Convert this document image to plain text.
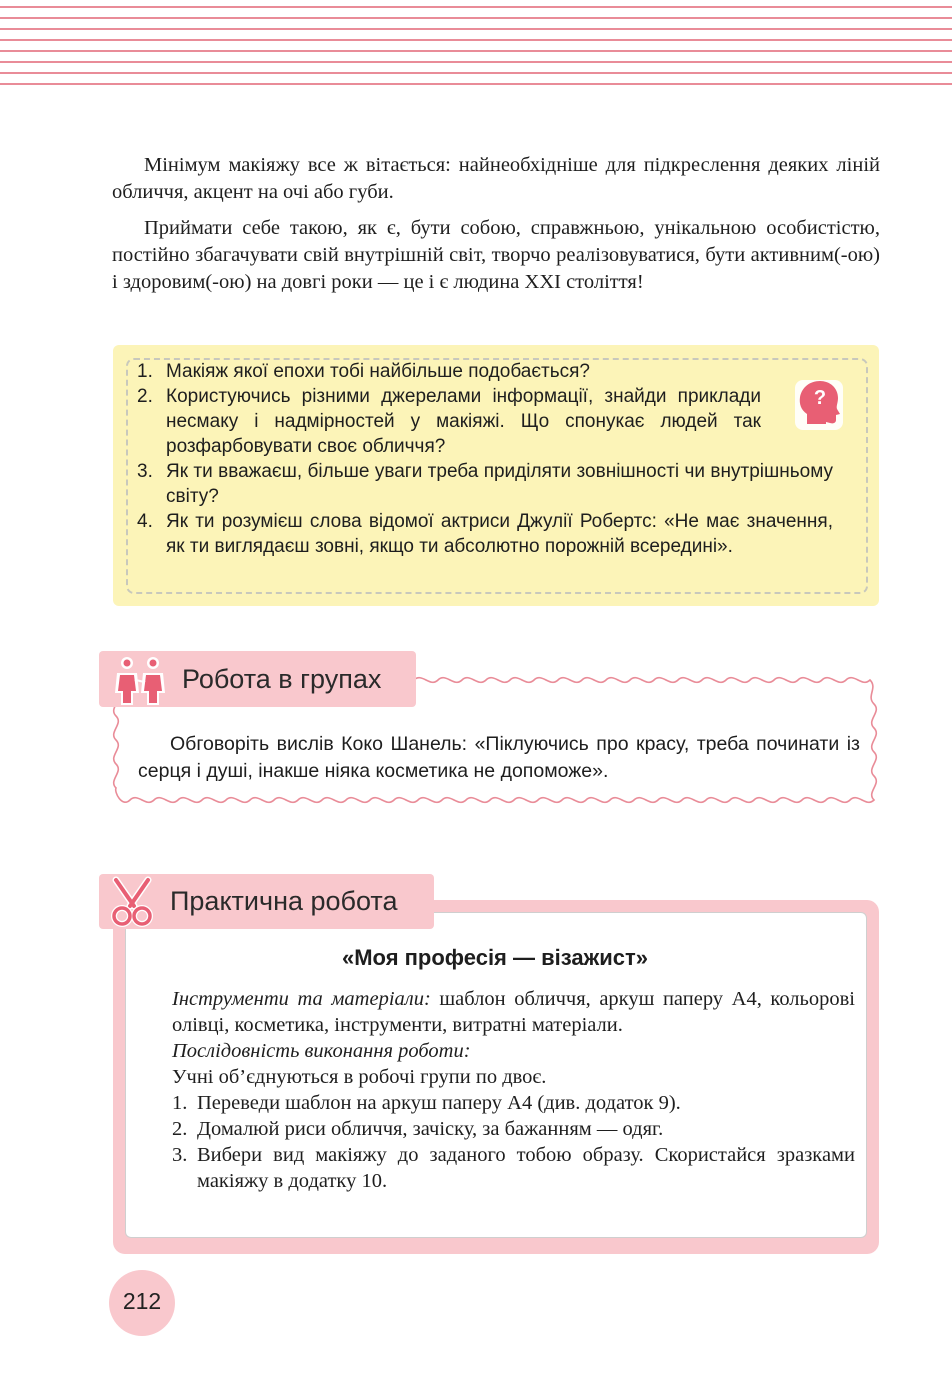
Мінімум макіяжу все ж вітається: найнеобхідніше для підкреслення деяких ліній обличчя, акцент на очі або губи.

Приймати себе такою, як є, бути собою, справжньою, унікальною особистістю, постійно збагачувати свій внутрішній світ, творчо реалізовуватися, бути активним(-ою) і здоровим(-ою) на довгі роки — це і є людина XXI століття!

1. Макіяж якої епохи тобі найбільше подобається?
2. Користуючись різними джерелами інформації, знайди приклади несмаку і надмірностей у макіяжі. Що спонукає людей так розфарбовувати своє обличчя?
3. Як ти вважаєш, більше уваги треба приділяти зовнішності чи внутрішньому світу?
4. Як ти розумієш слова відомої актриси Джулії Робертс: «Не має значення, як ти виглядаєш зовні, якщо ти абсолютно порожній всередині».
?
Робота в групах

Обговоріть вислів Коко Шанель: «Піклуючись про красу, треба починати із серця і душі, інакше ніяка косметика не допоможе».

Практична робота
«Моя професія — візажист»

Інструменти та матеріали: шаблон обличчя, аркуш паперу А4, кольорові олівці, косметика, інструменти, витратні матеріали.

Послідовність виконання роботи:

Учні об’єднуються в робочі групи по двоє.

1. Переведи шаблон на аркуш паперу А4 (див. додаток 9).
2. Домалюй риси обличчя, зачіску, за бажанням — одяг.
3. Вибери вид макіяжу до заданого тобою образу. Скористайся зразками макіяжу в додатку 10.
212
